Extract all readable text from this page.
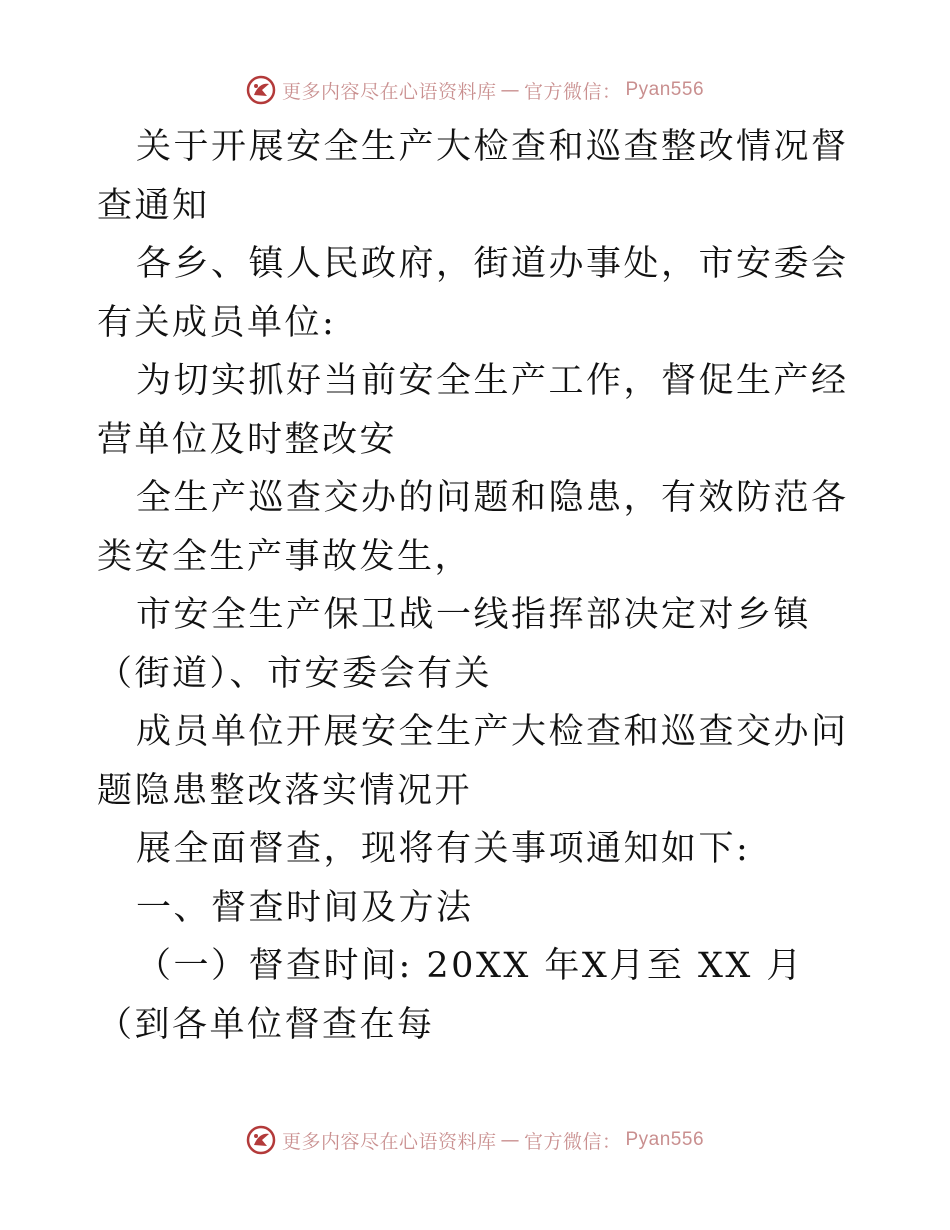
更多内容尽在心语资料库 — 官方微信： Pyan556

关于开展安全生产大检查和巡查整改情况督查通知

各乡、镇人民政府，街道办事处，市安委会有关成员单位:

为切实抓好当前安全生产工作，督促生产经营单位及时整改安

全生产巡查交办的问题和隐患，有效防范各类安全生产事故发生，

市安全生产保卫战一线指挥部决定对乡镇（街道）、市安委会有关

成员单位开展安全生产大检查和巡查交办问题隐患整改落实情况开

展全面督查，现将有关事项通知如下:

一、督查时间及方法

（一）督查时间: 20XX 年X月至 XX 月（到各单位督查在每

更多内容尽在心语资料库 — 官方微信： Pyan556
